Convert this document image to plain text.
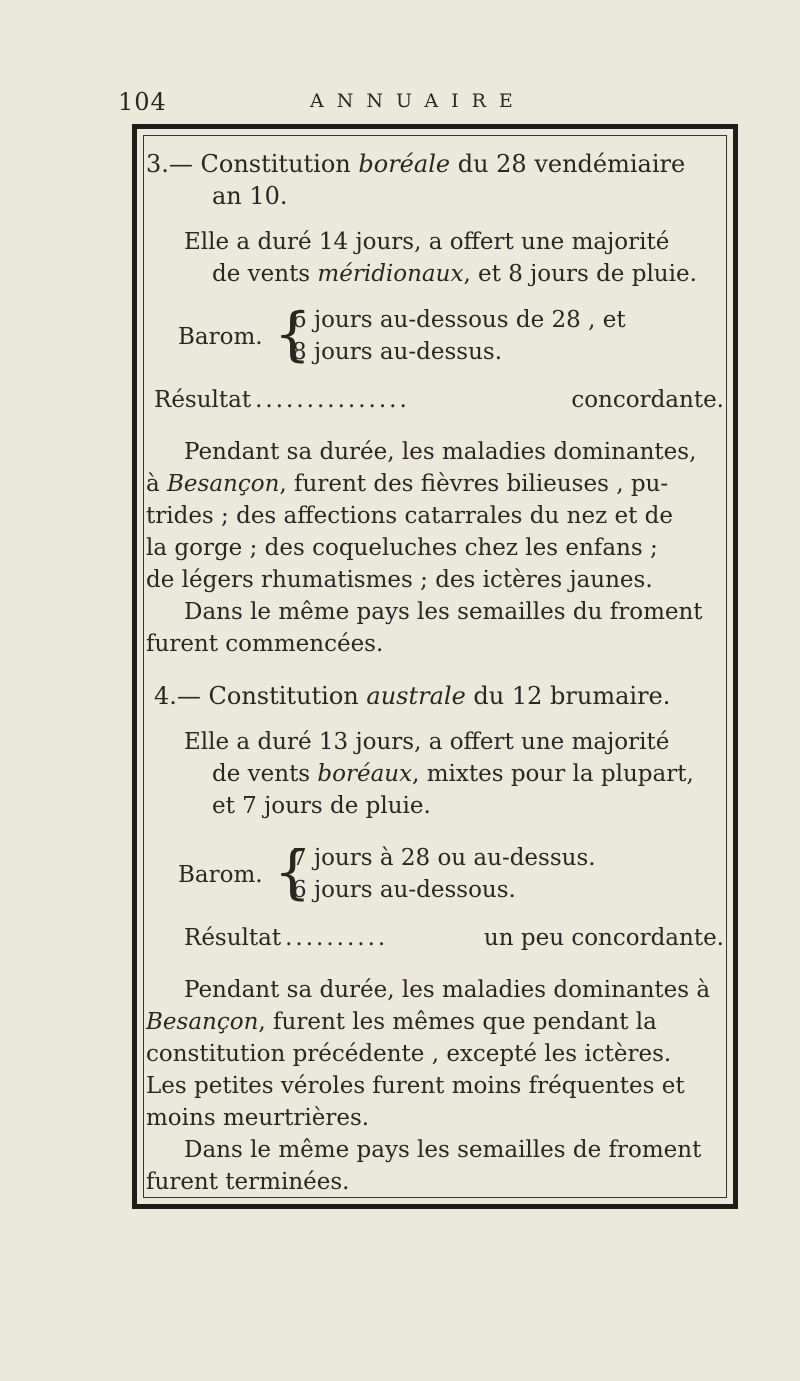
104	ANNUAIRE
3.— Constitution boréale du 28 vendémiaire
an 10.
Elle a duré 14 jours, a offert une majorité
de vents méridionaux, et 8 jours de pluie.
Barom. {
6 jours au-dessous de 28 , et
8 jours au-dessus.
Résultat ...............	concordante.
Pendant sa durée, les maladies dominantes,
à Besançon, furent des fièvres bilieuses , pu-
trides ; des affections catarrales du nez et de
la gorge ; des coqueluches chez les enfans ;
de légers rhumatismes ; des ictères jaunes.
Dans le même pays les semailles du froment
furent commencées.
4.— Constitution australe du 12 brumaire.
Elle a duré 13 jours, a offert une majorité
de vents boréaux, mixtes pour la plupart,
et 7 jours de pluie.
Barom. {
7 jours à 28 ou au-dessus.
6 jours au-dessous.
Résultat ..........	un peu concordante.
Pendant sa durée, les maladies dominantes à
Besançon, furent les mêmes que pendant la
constitution précédente , excepté les ictères.
Les petites véroles furent moins fréquentes et
moins meurtrières.
Dans le même pays les semailles de froment
furent terminées.
